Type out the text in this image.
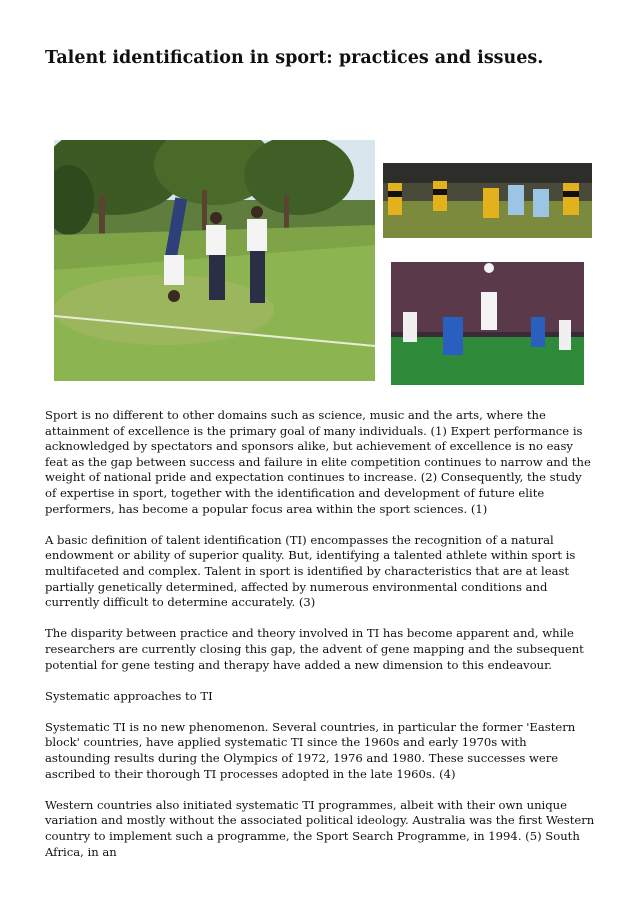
Talent identification in sport: practices and issues.

Sport is no different to other domains such as science, music and the arts, where the attainment of excellence is the primary goal of many individuals. (1) Expert performance is acknowledged by spectators and sponsors alike, but achievement of excellence is no easy feat as the gap between success and failure in elite competition continues to narrow and the weight of national pride and expectation continues to increase. (2) Consequently, the study of expertise in sport, together with the identification and development of future elite performers, has become a popular focus area within the sport sciences. (1)

A basic definition of talent identification (TI) encompasses the recognition of a natural endowment or ability of superior quality. But, identifying a talented athlete within sport is multifaceted and complex. Talent in sport is identified by characteristics that are at least partially genetically determined, affected by numerous environmental conditions and currently difficult to determine accurately. (3)

The disparity between practice and theory involved in TI has become apparent and, while researchers are currently closing this gap, the advent of gene mapping and the subsequent potential for gene testing and therapy have added a new dimension to this endeavour.

Systematic approaches to TI

Systematic TI is no new phenomenon. Several countries, in particular the former 'Eastern block' countries, have applied systematic TI since the 1960s and early 1970s with astounding results during the Olympics of 1972, 1976 and 1980. These successes were ascribed to their thorough TI processes adopted in the late 1960s. (4)

Western countries also initiated systematic TI programmes, albeit with their own unique variation and mostly without the associated political ideology. Australia was the first Western country to implement such a programme, the Sport Search Programme, in 1994. (5) South Africa, in an
